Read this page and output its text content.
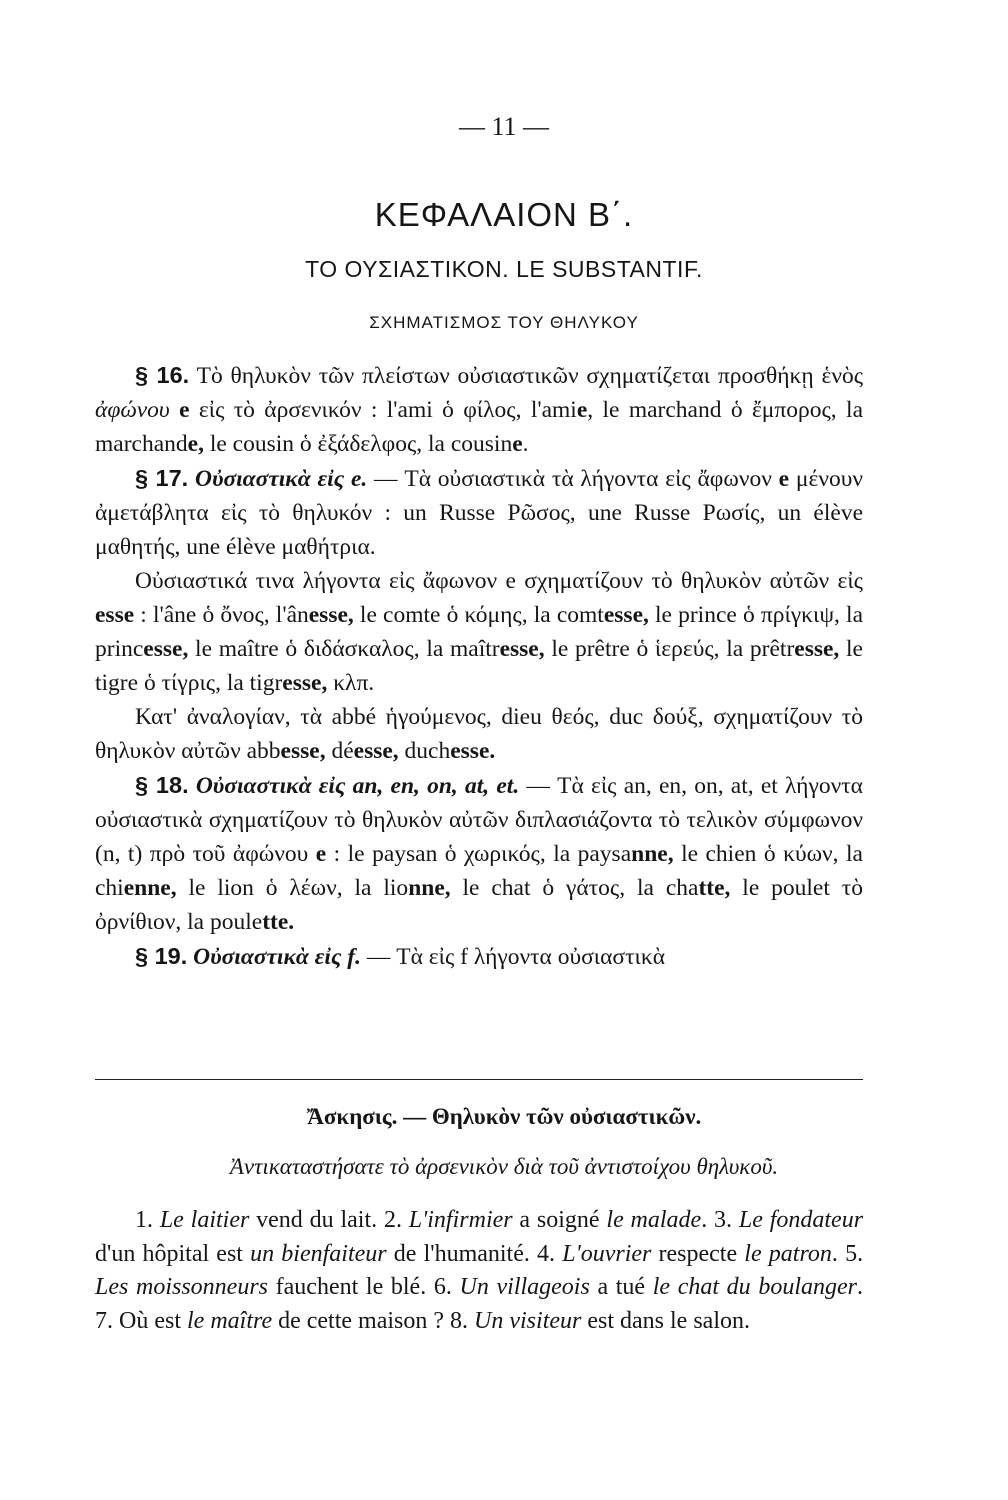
— 11 —
ΚΕΦΑΛΑΙΟΝ Β΄.
ΤΟ ΟΥΣΙΑΣΤΙΚΟΝ. LE SUBSTANTIF.
ΣΧΗΜΑΤΙΣΜΟΣ ΤΟΥ ΘΗΛΥΚΟΥ

§ 16. Τὸ θηλυκὸν τῶν πλείστων οὐσιαστικῶν σχηματίζεται προσθήκῃ ἑνὸς ἀφώνου e εἰς τὸ ἀρσενικόν : l'ami ὁ φίλος, l'amie, le marchand ὁ ἔμπορος, la marchande, le cousin ὁ ἐξάδελφος, la cousine.

§ 17. Οὐσιαστικὰ εἰς e. — Τὰ οὐσιαστικὰ τὰ λήγοντα εἰς ἄφωνον e μένουν ἀμετάβλητα εἰς τὸ θηλυκόν : un Russe Ρῶσος, une Russe Ρωσίς, un élève μαθητής, une élève μαθήτρια.

Οὐσιαστικά τινα λήγοντα εἰς ἄφωνον e σχηματίζουν τὸ θηλυκὸν αὐτῶν εἰς esse : l'âne ὁ ὄνος, l'ânesse, le comte ὁ κόμης, la comtesse, le prince ὁ πρίγκιψ, la princesse, le maître ὁ διδάσκαλος, la maîtresse, le prêtre ὁ ἱερεύς, la prêtresse, le tigre ὁ τίγρις, la tigresse, κλπ.

Κατ' ἀναλογίαν, τὰ abbé ἡγούμενος, dieu θεός, duc δούξ, σχηματίζουν τὸ θηλυκὸν αὐτῶν abbesse, déesse, duchesse.

§ 18. Οὐσιαστικὰ εἰς an, en, on, at, et. — Τὰ εἰς an, en, on, at, et λήγοντα οὐσιαστικὰ σχηματίζουν τὸ θηλυκὸν αὐτῶν διπλασιάζοντα τὸ τελικὸν σύμφωνον (n, t) πρὸ τοῦ ἀφώνου e : le paysan ὁ χωρικός, la paysanne, le chien ὁ κύων, la chienne, le lion ὁ λέων, la lionne, le chat ὁ γάτος, la chatte, le poulet τὸ ὀρνίθιον, la poulette.

§ 19. Οὐσιαστικὰ εἰς f. — Τὰ εἰς f λήγοντα οὐσιαστικὰ

Ἄσκησις. — Θηλυκὸν τῶν οὐσιαστικῶν.
Ἀντικαταστήσατε τὸ ἀρσενικὸν διὰ τοῦ ἀντιστοίχου θηλυκοῦ.
1. Le laitier vend du lait. 2. L'infirmier a soigné le malade. 3. Le fondateur d'un hôpital est un bienfaiteur de l'humanité. 4. L'ouvrier respecte le patron. 5. Les moissonneurs fauchent le blé. 6. Un villageois a tué le chat du boulanger. 7. Où est le maître de cette maison ? 8. Un visiteur est dans le salon.
